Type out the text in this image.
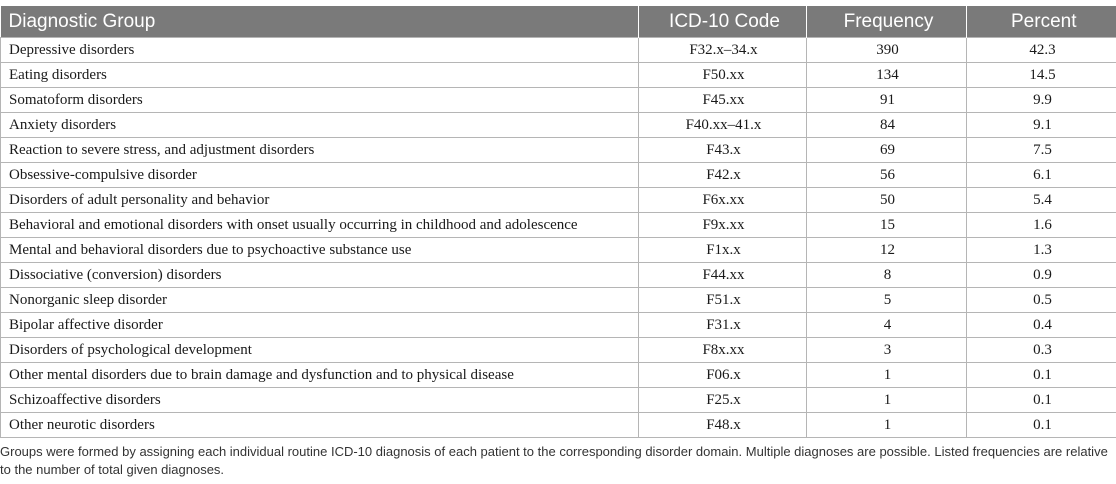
Diagnostic Group	ICD-10 Code	Frequency	Percent
Depressive disorders	F32.x–34.x	390	42.3
Eating disorders	F50.xx	134	14.5
Somatoform disorders	F45.xx	91	9.9
Anxiety disorders	F40.xx–41.x	84	9.1
Reaction to severe stress, and adjustment disorders	F43.x	69	7.5
Obsessive-compulsive disorder	F42.x	56	6.1
Disorders of adult personality and behavior	F6x.xx	50	5.4
Behavioral and emotional disorders with onset usually occurring in childhood and adolescence	F9x.xx	15	1.6
Mental and behavioral disorders due to psychoactive substance use	F1x.x	12	1.3
Dissociative (conversion) disorders	F44.xx	8	0.9
Nonorganic sleep disorder	F51.x	5	0.5
Bipolar affective disorder	F31.x	4	0.4
Disorders of psychological development	F8x.xx	3	0.3
Other mental disorders due to brain damage and dysfunction and to physical disease	F06.x	1	0.1
Schizoaffective disorders	F25.x	1	0.1
Other neurotic disorders	F48.x	1	0.1
Groups were formed by assigning each individual routine ICD-10 diagnosis of each patient to the corresponding disorder domain. Multiple diagnoses are possible. Listed frequencies are relative to the number of total given diagnoses.
